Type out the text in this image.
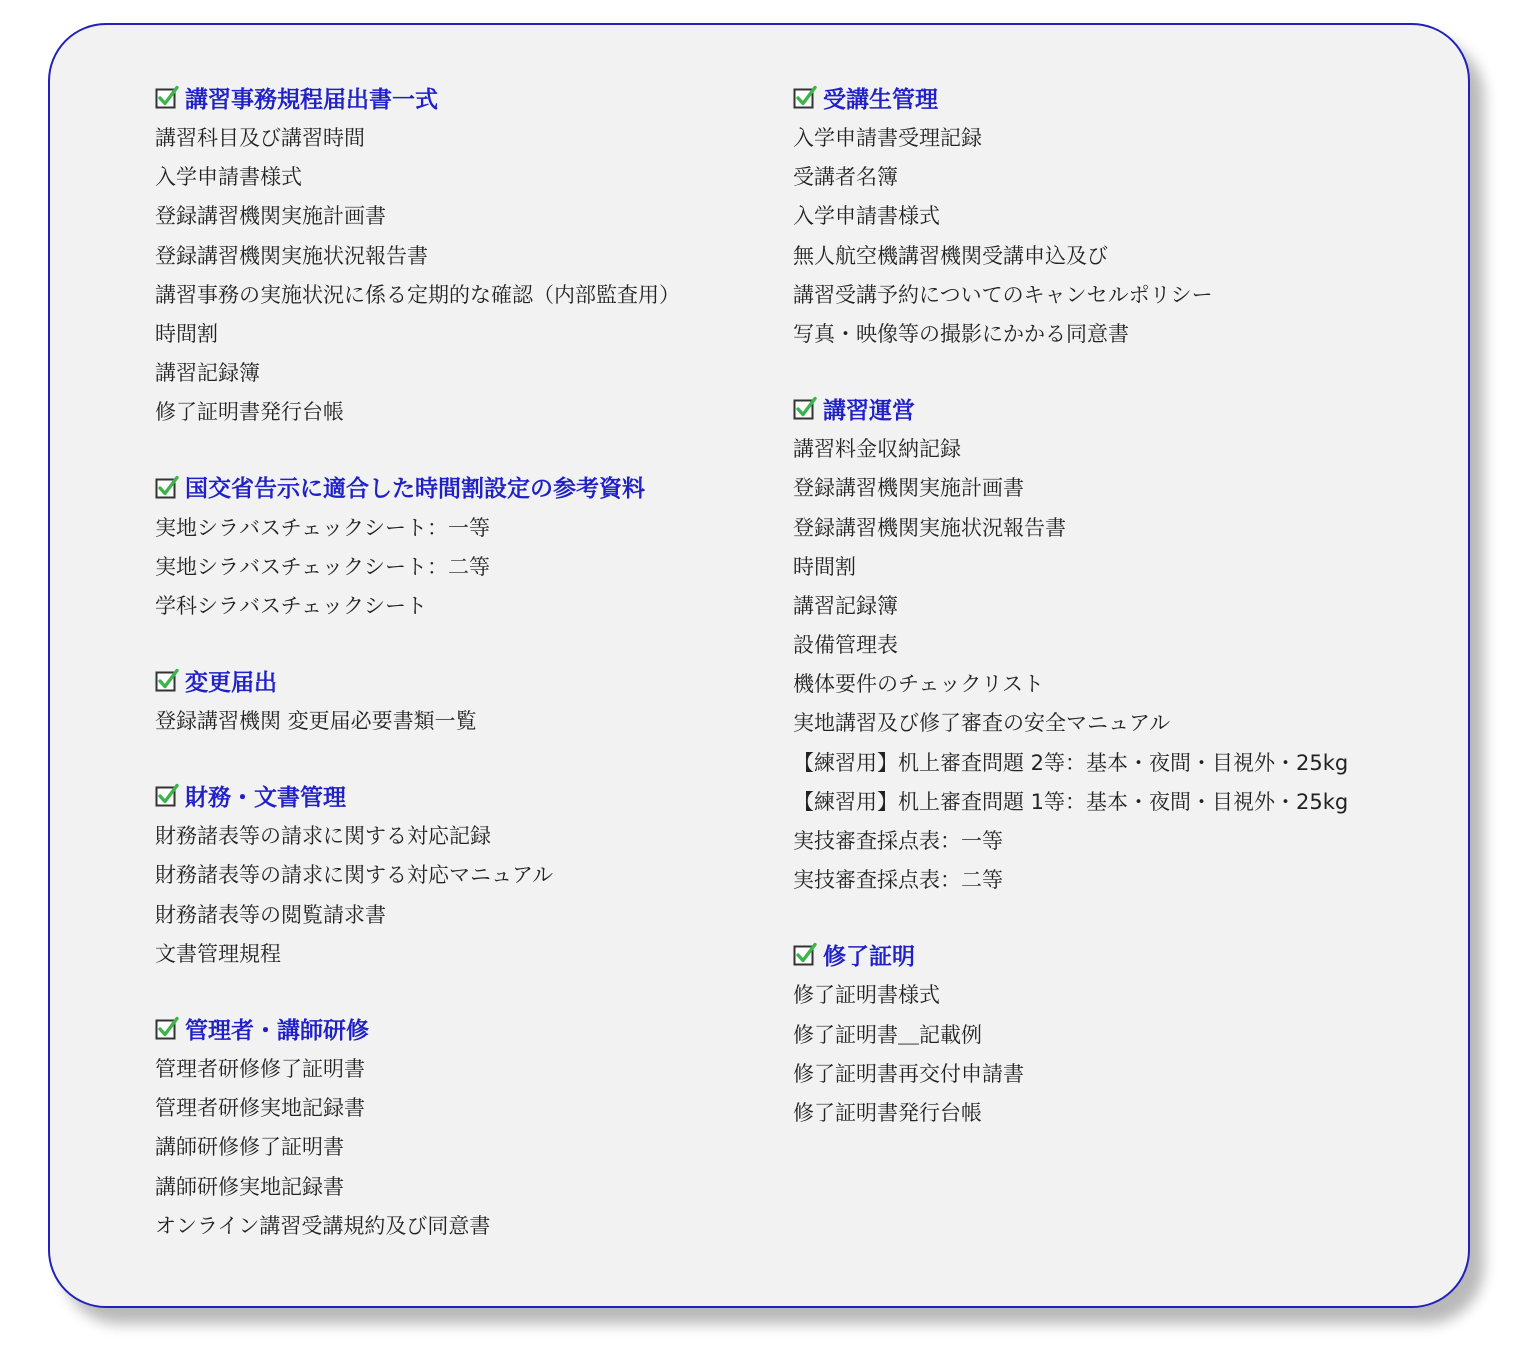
講習事務規程届出書一式
講習科目及び講習時間
入学申請書様式
登録講習機関実施計画書
登録講習機関実施状況報告書
講習事務の実施状況に係る定期的な確認（内部監査用）
時間割
講習記録簿
修了証明書発行台帳
国交省告示に適合した時間割設定の参考資料
実地シラバスチェックシート：一等
実地シラバスチェックシート：二等
学科シラバスチェックシート
変更届出
登録講習機関 変更届必要書類一覧
財務・文書管理
財務諸表等の請求に関する対応記録
財務諸表等の請求に関する対応マニュアル
財務諸表等の閲覧請求書
文書管理規程
管理者・講師研修
管理者研修修了証明書
管理者研修実地記録書
講師研修修了証明書
講師研修実地記録書
オンライン講習受講規約及び同意書
受講生管理
入学申請書受理記録
受講者名簿
入学申請書様式
無人航空機講習機関受講申込及び
講習受講予約についてのキャンセルポリシー
写真・映像等の撮影にかかる同意書
講習運営
講習料金収納記録
登録講習機関実施計画書
登録講習機関実施状況報告書
時間割
講習記録簿
設備管理表
機体要件のチェックリスト
実地講習及び修了審査の安全マニュアル
【練習用】机上審査問題 2等：基本・夜間・目視外・25kg
【練習用】机上審査問題 1等：基本・夜間・目視外・25kg
実技審査採点表：一等
実技審査採点表：二等
修了証明
修了証明書様式
修了証明書＿記載例
修了証明書再交付申請書
修了証明書発行台帳
